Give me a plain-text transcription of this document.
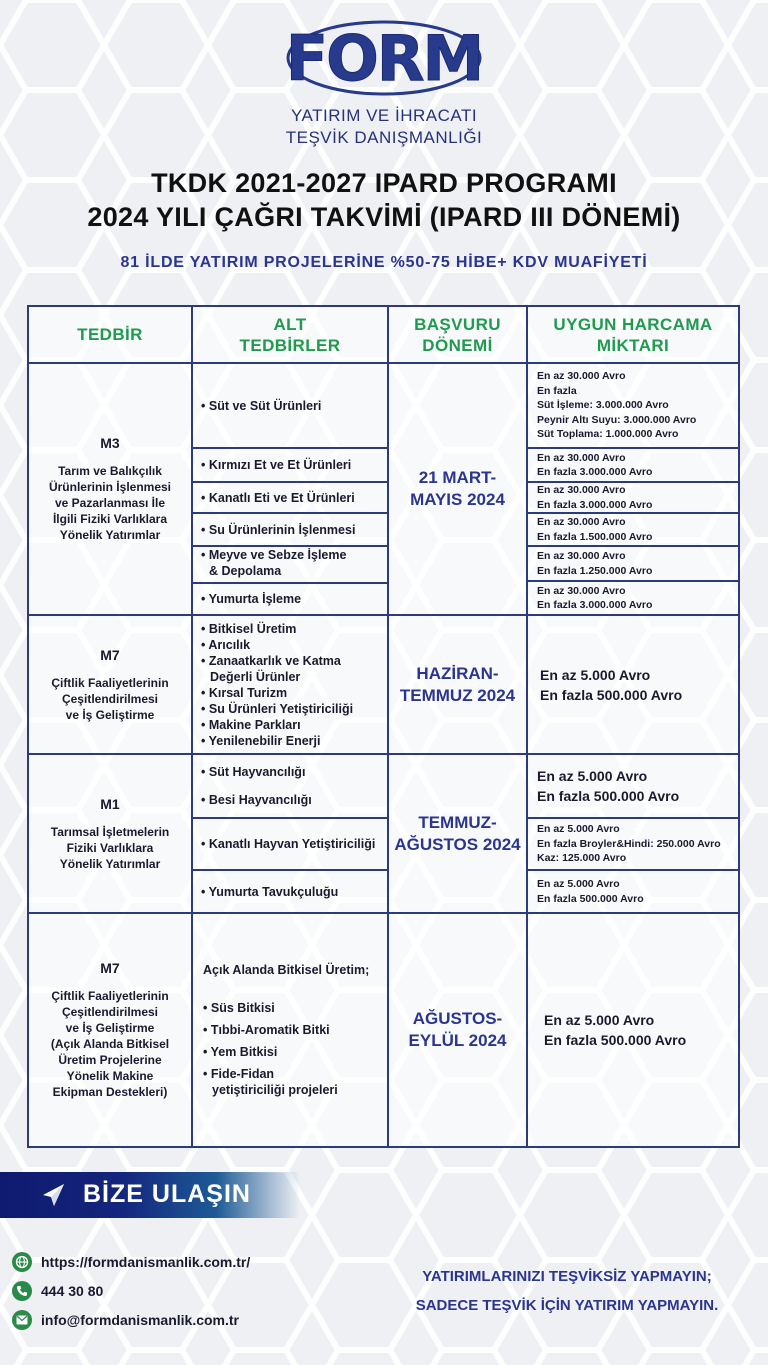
FORM
YATIRIM VE İHRACATI
TEŞVİK DANIŞMANLIĞI
TKDK 2021-2027 IPARD PROGRAMI
2024 YILI ÇAĞRI TAKVİMİ (IPARD III DÖNEMİ)
81 İLDE YATIRIM PROJELERİNE %50-75 HİBE+ KDV MUAFİYETİ
TEDBİR
ALT
TEDBİRLER
BAŞVURU
DÖNEMİ
UYGUN HARCAMA
MİKTARI
M3
Tarım ve Balıkçılık
Ürünlerinin İşlenmesi
ve Pazarlanması İle
İlgili Fiziki Varlıklara
Yönelik Yatırımlar
• Süt ve Süt Ürünleri
• Kırmızı Et ve Et Ürünleri
• Kanatlı Eti ve Et Ürünleri
• Su Ürünlerinin İşlenmesi
• Meyve ve Sebze İşleme
& Depolama
• Yumurta İşleme
21 MART-
MAYIS 2024
En az 30.000 Avro
En fazla
Süt İşleme: 3.000.000 Avro
Peynir Altı Suyu: 3.000.000 Avro
Süt Toplama: 1.000.000 Avro
En az 30.000 Avro
En fazla 3.000.000 Avro
En az 30.000 Avro
En fazla 3.000.000 Avro
En az 30.000 Avro
En fazla 1.500.000 Avro
En az 30.000 Avro
En fazla 1.250.000 Avro
En az 30.000 Avro
En fazla 3.000.000 Avro
M7
Çiftlik Faaliyetlerinin
Çeşitlendirilmesi
ve İş Geliştirme
• Bitkisel Üretim
• Arıcılık
• Zanaatkarlık ve Katma
Değerli Ürünler
• Kırsal Turizm
• Su Ürünleri Yetiştiriciliği
• Makine Parkları
• Yenilenebilir Enerji
HAZİRAN-
TEMMUZ 2024
En az 5.000 Avro
En fazla 500.000 Avro
M1
Tarımsal İşletmelerin
Fiziki Varlıklara
Yönelik Yatırımlar
• Süt Hayvancılığı
• Besi Hayvancılığı
• Kanatlı Hayvan Yetiştiriciliği
• Yumurta Tavukçuluğu
TEMMUZ-
AĞUSTOS 2024
En az 5.000 Avro
En fazla 500.000 Avro
En az 5.000 Avro
En fazla Broyler&Hindi: 250.000 Avro
Kaz: 125.000 Avro
En az 5.000 Avro
En fazla 500.000 Avro
M7
Çiftlik Faaliyetlerinin
Çeşitlendirilmesi
ve İş Geliştirme
(Açık Alanda Bitkisel
Üretim Projelerine
Yönelik Makine
Ekipman Destekleri)
Açık Alanda Bitkisel Üretim;
• Süs Bitkisi
• Tıbbi-Aromatik Bitki
• Yem Bitkisi
• Fide-Fidan
yetiştiriciliği projeleri
AĞUSTOS-
EYLÜL 2024
En az 5.000 Avro
En fazla 500.000 Avro
BİZE ULAŞIN
https://formdanismanlik.com.tr/
444 30 80
info@formdanismanlik.com.tr
YATIRIMLARINIZI TEŞVİKSİZ YAPMAYIN;
SADECE TEŞVİK İÇİN YATIRIM YAPMAYIN.
